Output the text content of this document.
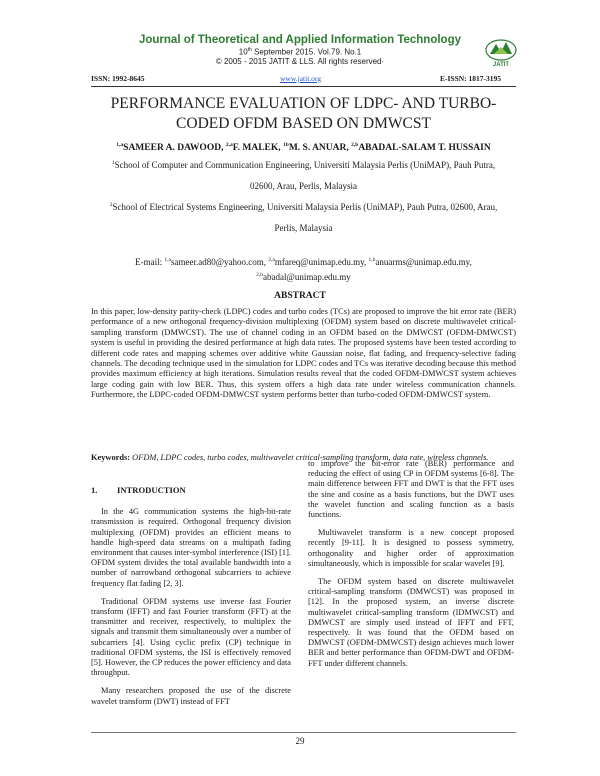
Journal of Theoretical and Applied Information Technology
10th September 2015. Vol.79. No.1
© 2005 - 2015 JATIT & LLS. All rights reserved·	JATIT
ISSN: 1992-8645	www.jatit.org	E-ISSN: 1817-3195
PERFORMANCE EVALUATION OF LDPC- AND TURBO-
CODED OFDM BASED ON DMWCST
$^{1,a}$SAMEER A. DAWOOD, $^{2,a}$F. MALEK, $^{1b}$M. S. ANUAR, $^{2,b}$ABADAL-SALAM T. HUSSAIN
$^1$School of Computer and Communication Engineering, Universiti Malaysia Perlis (UniMAP), Pauh Putra,
02600, Arau, Perlis, Malaysia
$^2$School of Electrical Systems Engineering, Universiti Malaysia Perlis (UniMAP), Pauh Putra, 02600, Arau,
Perlis, Malaysia
E-mail: $^{1,a}$sameer.ad80@yahoo.com, $^{2,a}$mfareq@unimap.edu.my, $^{1,b}$anuarms@unimap.edu.my,
$^{2,b}$abadal@unimap.edu.my
ABSTRACT
In this paper, low-density parity-check (LDPC) codes and turbo codes (TCs) are proposed to improve the bit error rate (BER) performance of a new orthogonal frequency-division multiplexing (OFDM) system based on discrete multiwavelet critical-sampling transform (DMWCST). The use of channel coding in an OFDM based on the DMWCST (OFDM-DMWCST) system is useful in providing the desired performance at high data rates. The proposed systems have been tested according to different code rates and mapping schemes over additive white Gaussian noise, flat fading, and frequency-selective fading channels. The decoding technique used in the simulation for LDPC codes and TCs was iterative decoding because this method provides maximum efficiency at high iterations. Simulation results reveal that the coded OFDM-DMWCST system achieves large coding gain with low BER. Thus, this system offers a high data rate under wireless communication channels. Furthermore, the LDPC-coded OFDM-DMWCST system performs better than turbo-coded OFDM-DMWCST system.
Keywords: OFDM, LDPC codes, turbo codes, multiwavelet critical-sampling transform, data rate, wireless channels.
1. INTRODUCTION

In the 4G communication systems the high-bit-rate transmission is required. Orthogonal frequency division multiplexing (OFDM) provides an efficient means to handle high-speed data streams on a multipath fading environment that causes inter-symbol interference (ISI) [1]. OFDM system divides the total available bandwidth into a number of narrowband orthogonal subcarriers to achieve frequency flat fading [2, 3].

Traditional OFDM systems use inverse fast Fourier transform (IFFT) and fast Fourier transform (FFT) at the transmitter and receiver, respectively, to multiplex the signals and transmit them simultaneously over a number of subcarriers [4]. Using cyclic prefix (CP) technique in traditional OFDM systems, the ISI is effectively removed [5]. However, the CP reduces the power efficiency and data throughput.

Many researchers proposed the use of the discrete wavelet transform (DWT) instead of FFT

to improve the bit-error rate (BER) performance and reducing the effect of using CP in OFDM systems [6-8]. The main difference between FFT and DWT is that the FFT uses the sine and cosine as a basis functions, but the DWT uses the wavelet function and scaling function as a basis functions.

Multiwavelet transform is a new concept proposed recently [9-11]. It is designed to possess symmetry, orthogonality and higher order of approximation simultaneously, which is impossible for scalar wavelet [9].

The OFDM system based on discrete multiwavelet critical-sampling transform (DMWCST) was proposed in [12]. In the proposed system, an inverse discrete multiwavelet critical-sampling transform (IDMWCST) and DMWCST are simply used instead of IFFT and FFT, respectively. It was found that the OFDM based on DMWCST (OFDM-DMWCST) design achieves much lower BER and better performance than OFDM-DWT and OFDM-FFT under different channels.

29
